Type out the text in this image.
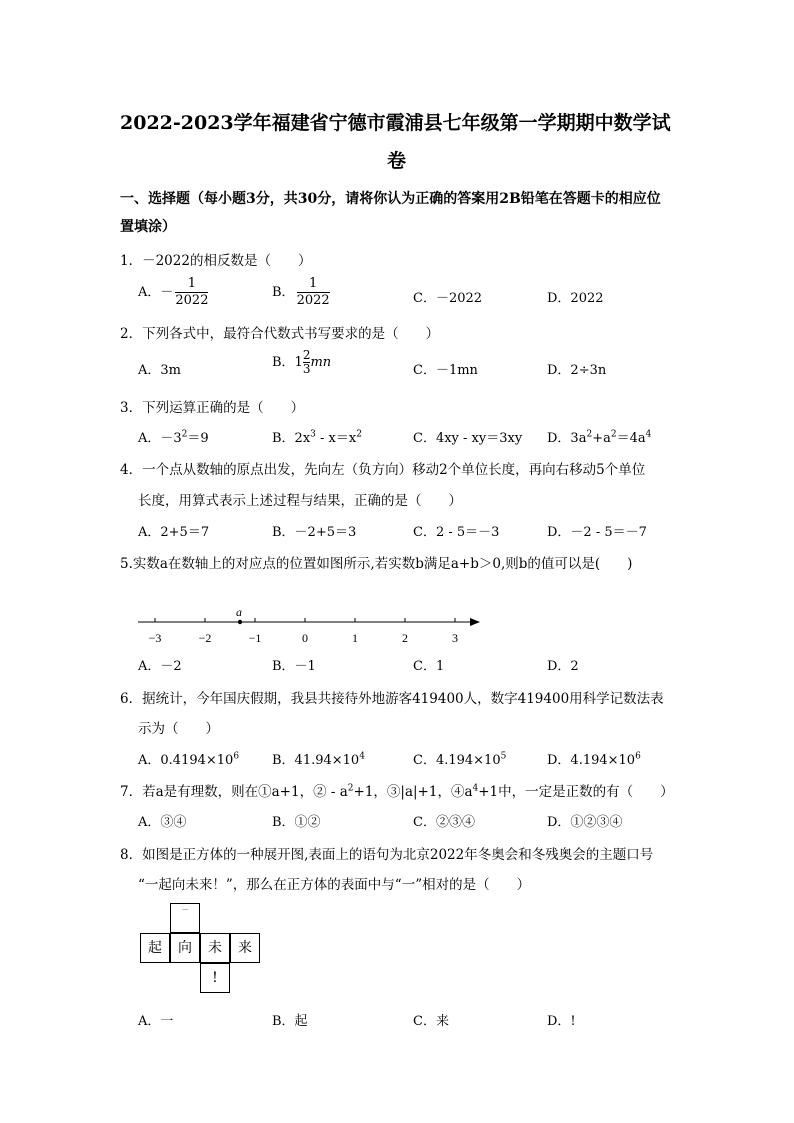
2022-2023学年福建省宁德市霞浦县七年级第一学期期中数学试
卷
一、选择题（每小题3分，共30分，请将你认为正确的答案用2B铅笔在答题卡的相应位
置填涂）
1．－2022的相反数是（　　）
A．－ $\frac{1}{2022}$	B． $\frac{1}{2022}$	C．－2022	D．2022
2．下列各式中，最符合代数式书写要求的是（　　）
A．3m
B．$1 \frac{2}{3}$ mn
C．－1mn	D．2÷3n
3．下列运算正确的是（　　）
A．$-3^2=9$	B．$2x^3 - x=x^2$	C．4xy - xy＝3xy D．$3a^2+a^2=4a^4$
4．一个点从数轴的原点出发，先向左（负方向）移动2个单位长度，再向右移动5个单位
长度，用算式表示上述过程与结果，正确的是（　　）
A．2+5＝7	B．－2+5＝3	C．2 - 5＝－3	D．－2 - 5＝－7
5.实数a在数轴上的对应点的位置如图所示,若实数b满足a+b＞0,则b的值可以是(　　)
−3	−2	−1	0	1	2	3
a
A．－2	B．－1	C．1	D．2
6．据统计，今年国庆假期，我县共接待外地游客419400人，数字419400用科学记数法表
示为（　　）
A．$0.4194\times 10^6$	B．$41.94\times 10^4$	C．$4.194\times 10^5$	D．$4.194\times 10^6$
7．若a是有理数，则在①a+1，② - $a^2+1$，③|a|+1，$④a^4+1$中，一定是正数的有（　　）
A．③④	B．①②	C．②③④	D．①②③④
8．如图是正方体的一种展开图,表面上的语句为北京2022年冬奥会和冬残奥会的主题口号
“一起向未来！”，那么在正方体的表面中与“一”相对的是（　　）
一
起	向	未	来
!
A．一	B．起	C．来	D．!
